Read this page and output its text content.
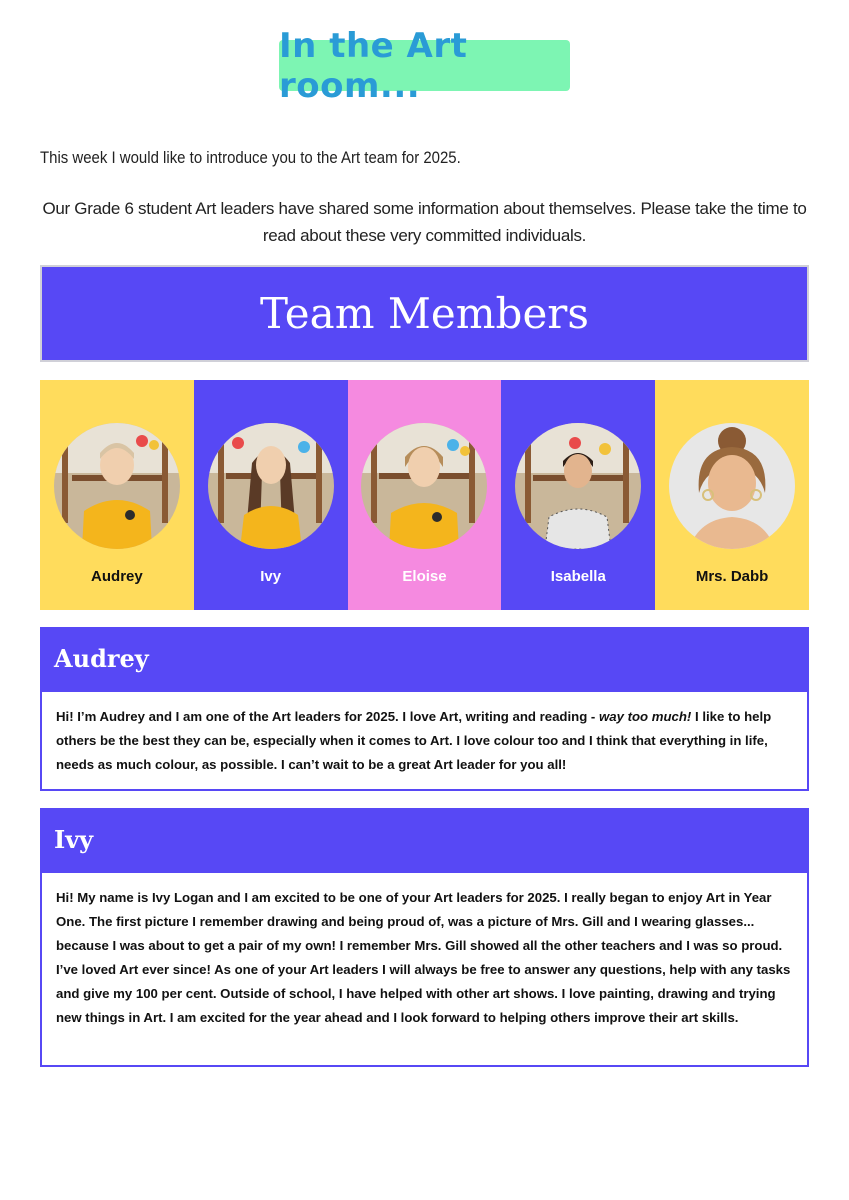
In the Art room...
This week I would like to introduce you to the Art team for 2025.
Our Grade 6 student Art leaders have shared some information about themselves. Please take the time to read about these very committed individuals.
Team Members
Audrey	Ivy	Eloise	Isabella	Mrs. Dabb
Audrey
Hi! I’m Audrey and I am one of the Art leaders for 2025. I love Art, writing and reading - way too much! I like to help others be the best they can be, especially when it comes to Art. I love colour too and I think that everything in life, needs as much colour, as possible. I can’t wait to be a great Art leader for you all!
Ivy
Hi! My name is Ivy Logan and I am excited to be one of your Art leaders for 2025. I really began to enjoy Art in Year One. The first picture I remember drawing and being proud of, was a picture of Mrs. Gill and I wearing glasses... because I was about to get a pair of my own! I remember Mrs. Gill showed all the other teachers and I was so proud. I’ve loved Art ever since! As one of your Art leaders I will always be free to answer any questions, help with any tasks and give my 100 per cent. Outside of school, I have helped with other art shows. I love painting, drawing and trying new things in Art. I am excited for the year ahead and I look forward to helping others improve their art skills.
